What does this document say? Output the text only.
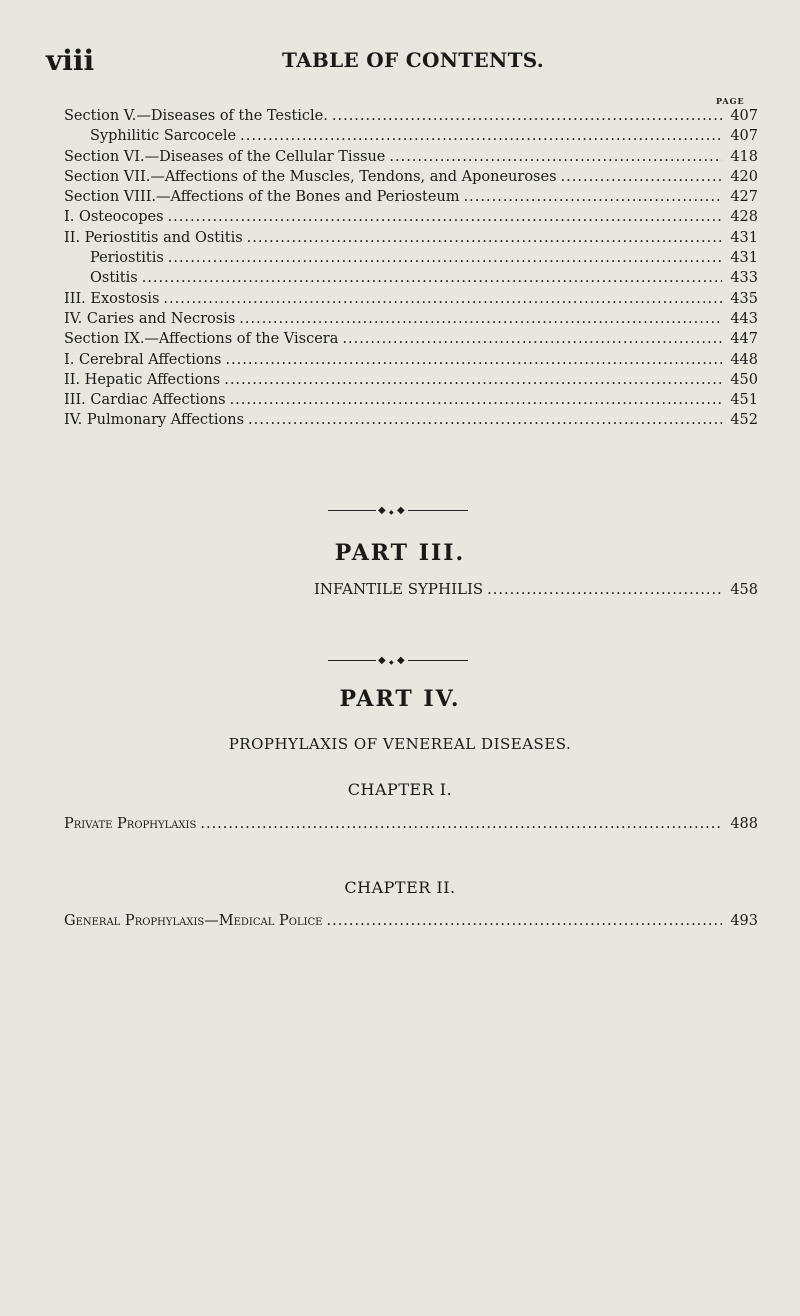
viii	TABLE OF CONTENTS.
PAGE
Section V.—Diseases of the Testicle. .....	407
Syphilitic Sarcocele .....	407
Section VI.—Diseases of the Cellular Tissue .....	418
Section VII.—Affections of the Muscles, Tendons, and Aponeuroses .....	420
Section VIII.—Affections of the Bones and Periosteum .....	427
I. Osteocopes .....	428
II. Periostitis and Ostitis .....	431
Periostitis .....	431
Ostitis .....	433
III. Exostosis .....	435
IV. Caries and Necrosis .....	443
Section IX.—Affections of the Viscera .....	447
I. Cerebral Affections .....	448
II. Hepatic Affections .....	450
III. Cardiac Affections .....	451
IV. Pulmonary Affections .....	452
◆ ◆ ◆
PART III.
INFANTILE SYPHILIS .....	458
◆ ◆ ◆
PART IV.
PROPHYLAXIS OF VENEREAL DISEASES.
CHAPTER I.
Private Prophylaxis .....	488
CHAPTER II.
General Prophylaxis—Medical Police .....	493
